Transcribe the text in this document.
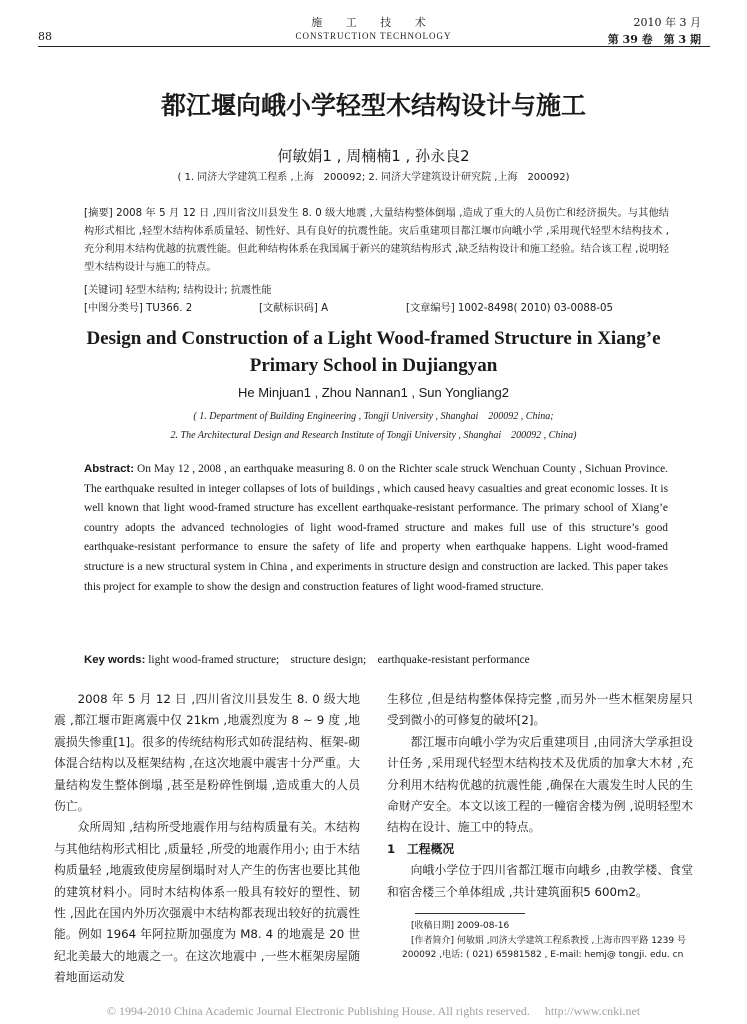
88
施 工 技 术
CONSTRUCTION TECHNOLOGY
2010 年 3 月
第 39 卷　第 3 期
都江堰向峨小学轻型木结构设计与施工
何敏娟1 , 周楠楠1 , 孙永良2
( 1. 同济大学建筑工程系 ,上海　200092; 2. 同济大学建筑设计研究院 ,上海　200092)
[摘要] 2008 年 5 月 12 日 ,四川省汶川县发生 8. 0 级大地震 ,大量结构整体倒塌 ,造成了重大的人员伤亡和经济损失。与其他结构形式相比 ,轻型木结构体系质量轻、韧性好、具有良好的抗震性能。灾后重建项目都江堰市向峨小学 ,采用现代轻型木结构技术 ,充分利用木结构优越的抗震性能。但此种结构体系在我国属于新兴的建筑结构形式 ,缺乏结构设计和施工经验。结合该工程 ,说明轻型木结构设计与施工的特点。
[关键词] 轻型木结构; 结构设计; 抗震性能
[中图分类号] TU366. 2	[文献标识码] A	[文章编号] 1002-8498( 2010) 03-0088-05
Design and Construction of a Light Wood-framed Structure in Xiang’e Primary School in Dujiangyan
He Minjuan1 , Zhou Nannan1 , Sun Yongliang2
( 1. Department of Building Engineering , Tongji University , Shanghai　200092 , China;
2. The Architectural Design and Research Institute of Tongji University , Shanghai　200092 , China)
Abstract: On May 12 , 2008 , an earthquake measuring 8. 0 on the Richter scale struck Wenchuan County , Sichuan Province. The earthquake resulted in integer collapses of lots of buildings , which caused heavy casualties and great economic losses. It is well known that light wood-framed structure has excellent earthquake-resistant performance. The primary school of Xiang’e country adopts the advanced technologies of light wood-framed structure and makes full use of this structure’s good earthquake-resistant performance to ensure the safety of life and property when earthquake happens. Light wood-framed structure is a new structural system in China , and experiments in structure design and construction are lacked. This paper takes this project for example to show the design and construction features of light wood-framed structure.
Key words: light wood-framed structure;　structure design;　earthquake-resistant performance

2008 年 5 月 12 日 ,四川省汶川县发生 8. 0 级大地震 ,都江堰市距离震中仅 21km ,地震烈度为 8 ~ 9 度 ,地震损失惨重[1]。很多的传统结构形式如砖混结构、框架-砌体混合结构以及框架结构 ,在这次地震中震害十分严重。大量结构发生整体倒塌 ,甚至是粉碎性倒塌 ,造成重大的人员伤亡。

众所周知 ,结构所受地震作用与结构质量有关。木结构与其他结构形式相比 ,质量轻 ,所受的地震作用小; 由于木结构质量轻 ,地震致使房屋倒塌时对人产生的伤害也要比其他的建筑材料小。同时木结构体系一般具有较好的塑性、韧性 ,因此在国内外历次强震中木结构都表现出较好的抗震性能。例如 1964 年阿拉斯加强度为 M8. 4 的地震是 20 世纪北美最大的地震之一。在这次地震中 ,一些木框架房屋随着地面运动发

生移位 ,但是结构整体保持完整 ,而另外一些木框架房屋只受到微小的可修复的破坏[2]。

都江堰市向峨小学为灾后重建项目 ,由同济大学承担设计任务 ,采用现代轻型木结构技术及优质的加拿大木材 ,充分利用木结构优越的抗震性能 ,确保在大震发生时人民的生命财产安全。本文以该工程的一幢宿舍楼为例 ,说明轻型木结构在设计、施工中的特点。

1　工程概况

向峨小学位于四川省都江堰市向峨乡 ,由教学楼、食堂和宿舍楼三个单体组成 ,共计建筑面积5 600m2。

[收稿日期] 2009-08-16

[作者简介] 何敏娟 ,同济大学建筑工程系教授 ,上海市四平路 1239 号　200092 ,电话: ( 021) 65981582 , E-mail: hemj@ tongji. edu. cn

© 1994-2010 China Academic Journal Electronic Publishing House. All rights reserved.　 http://www.cnki.net
